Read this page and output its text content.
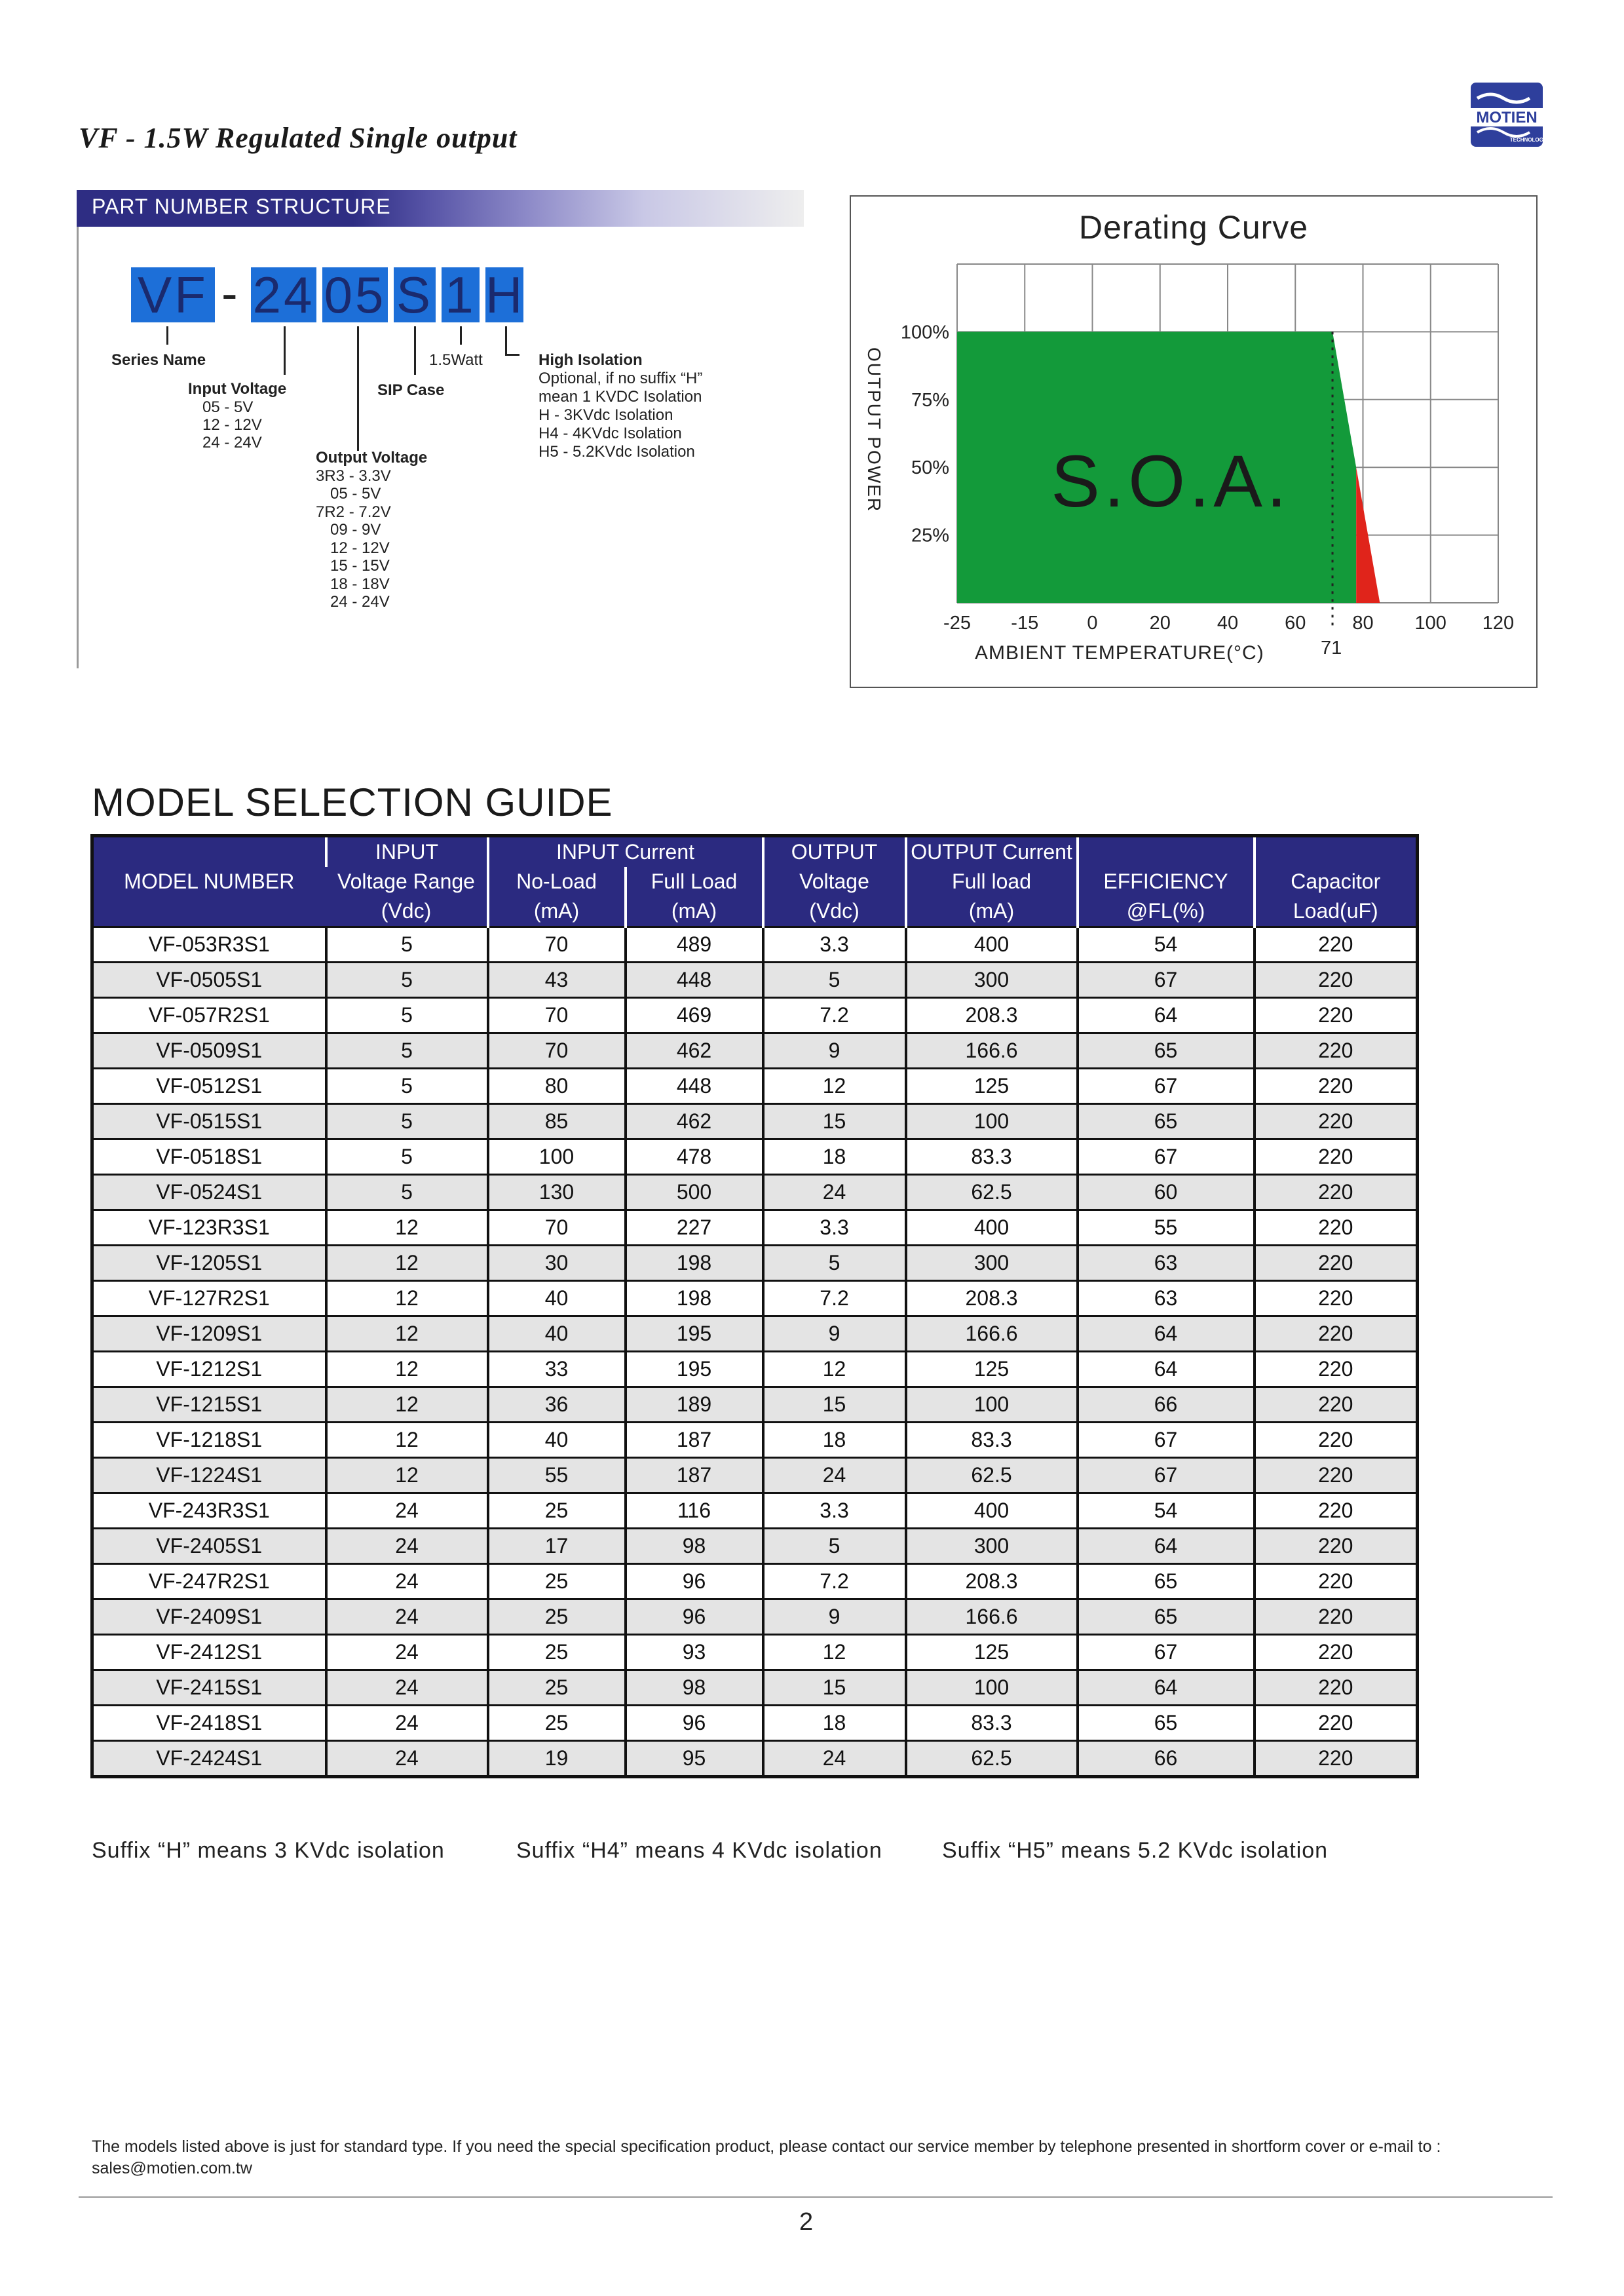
VF - 1.5W Regulated Single output
MOTIEN
TECHNOLOGY
PART NUMBER STRUCTURE
VF - 24 05 S 1 H
Series Name
Input Voltage
05 - 5V
12 - 12V
24 - 24V
Output Voltage
3R3 - 3.3V
05 - 5V
7R2 - 7.2V
09 - 9V
12 - 12V
15 - 15V
18 - 18V
24 - 24V
SIP Case
1.5Watt	High Isolation
Optional, if no suffix “H”
mean 1 KVDC Isolation
H - 3KVdc Isolation
H4 - 4KVdc Isolation
H5 - 5.2KVdc Isolation
Derating Curve
OUTPUT POWER
AMBIENT TEMPERATURE(°C)	71
S.O.A.
-25 -15	0	20 40 60 80 100 120
100%
75%
50%
25%
MODEL SELECTION GUIDE
MODEL NUMBER	INPUT	INPUT Current		OUTPUT	OUTPUT Current		
	Voltage Range	No-Load	Full Load	Voltage	Full load	EFFICIENCY	Capacitor
	(Vdc)	(mA)	(mA)	(Vdc)	(mA)	@FL(%)	Load(uF)
VF-053R3S1	5	70	489	3.3	400	54	220
VF-0505S1	5	43	448	5	300	67	220
VF-057R2S1	5	70	469	7.2	208.3	64	220
VF-0509S1	5	70	462	9	166.6	65	220
VF-0512S1	5	80	448	12	125	67	220
VF-0515S1	5	85	462	15	100	65	220
VF-0518S1	5	100	478	18	83.3	67	220
VF-0524S1	5	130	500	24	62.5	60	220
VF-123R3S1	12	70	227	3.3	400	55	220
VF-1205S1	12	30	198	5	300	63	220
VF-127R2S1	12	40	198	7.2	208.3	63	220
VF-1209S1	12	40	195	9	166.6	64	220
VF-1212S1	12	33	195	12	125	64	220
VF-1215S1	12	36	189	15	100	66	220
VF-1218S1	12	40	187	18	83.3	67	220
VF-1224S1	12	55	187	24	62.5	67	220
VF-243R3S1	24	25	116	3.3	400	54	220
VF-2405S1	24	17	98	5	300	64	220
VF-247R2S1	24	25	96	7.2	208.3	65	220
VF-2409S1	24	25	96	9	166.6	65	220
VF-2412S1	24	25	93	12	125	67	220
VF-2415S1	24	25	98	15	100	64	220
VF-2418S1	24	25	96	18	83.3	65	220
VF-2424S1	24	19	95	24	62.5	66	220
Suffix “H” means 3 KVdc isolation	Suffix “H4” means 4 KVdc isolation	Suffix “H5” means 5.2 KVdc isolation
The models listed above is just for standard type. If you need the special specification product, please contact our service member by telephone presented in shortform cover or e-mail to : sales@motien.com.tw
2
